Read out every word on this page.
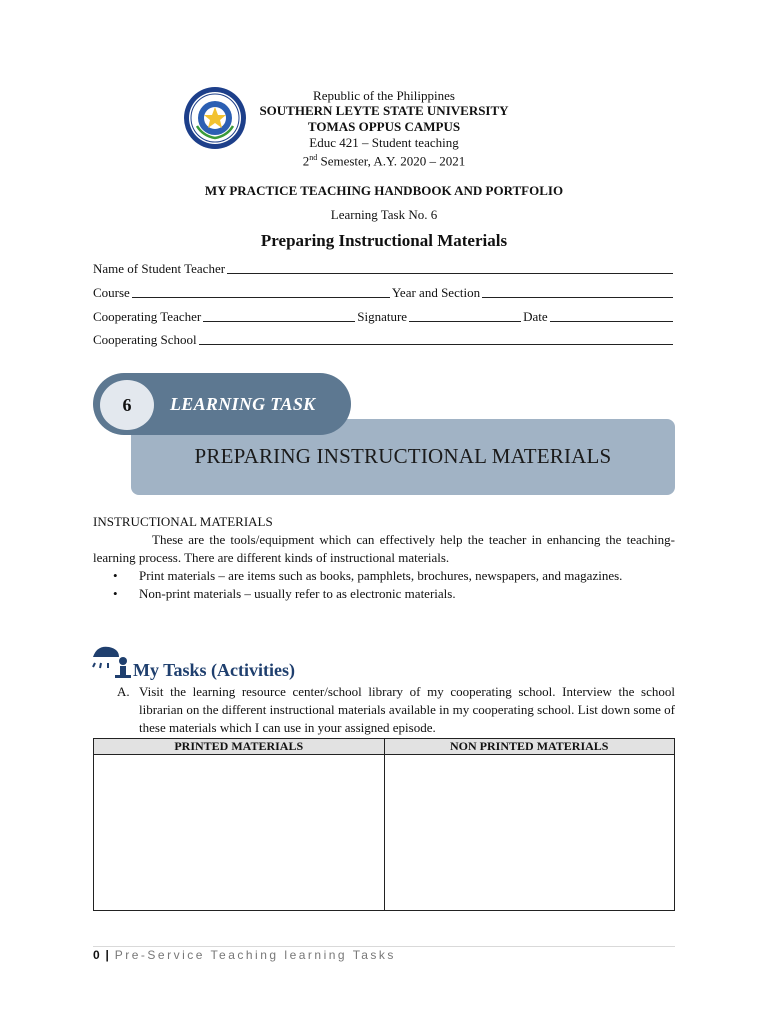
Republic of the Philippines
SOUTHERN LEYTE STATE UNIVERSITY
TOMAS OPPUS CAMPUS
Educ 421 – Student teaching
2nd Semester, A.Y. 2020 – 2021
MY PRACTICE TEACHING HANDBOOK AND PORTFOLIO
Learning Task No. 6
Preparing Instructional Materials
Name of Student Teacher
Course	Year and Section
Cooperating Teacher	Signature	Date
Cooperating School
PREPARING INSTRUCTIONAL MATERIALS
6	LEARNING TASK
INSTRUCTIONAL MATERIALS
These are the tools/equipment which can effectively help the teacher in enhancing the teaching- learning process. There are different kinds of instructional materials.
•	Print materials – are items such as books, pamphlets, brochures, newspapers, and magazines.
•	Non-print materials – usually refer to as electronic materials.
My Tasks (Activities)
A. Visit the learning resource center/school library of my cooperating school. Interview the school librarian on the different instructional materials available in my cooperating school. List down some of these materials which I can use in your assigned episode.
PRINTED MATERIALS	NON PRINTED MATERIALS
0 | Pre-Service Teaching learning Tasks
